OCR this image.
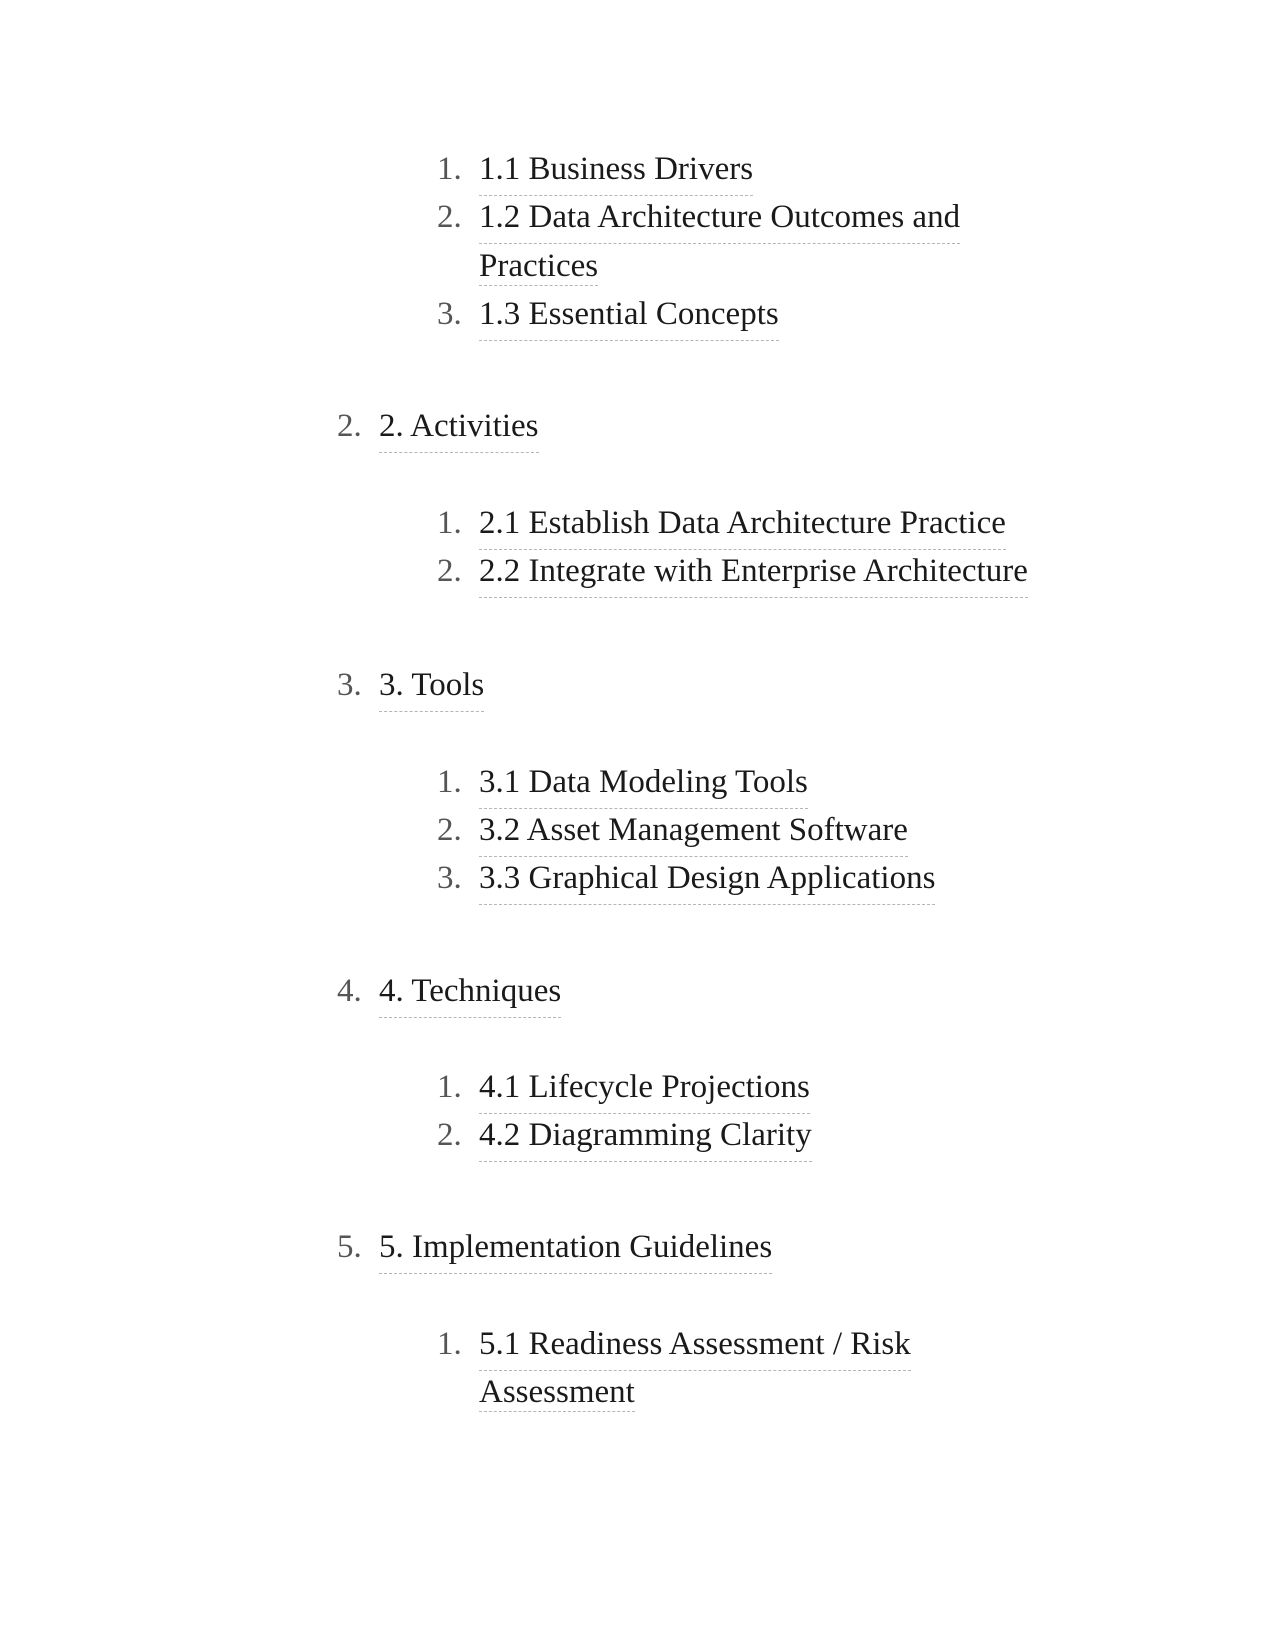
1. 1.1 Business Drivers
2. 1.2 Data Architecture Outcomes and
Practices
3. 1.3 Essential Concepts
2. 2. Activities
1. 2.1 Establish Data Architecture Practice
2. 2.2 Integrate with Enterprise Architecture
3. 3. Tools
1. 3.1 Data Modeling Tools
2. 3.2 Asset Management Software
3. 3.3 Graphical Design Applications
4. 4. Techniques
1. 4.1 Lifecycle Projections
2. 4.2 Diagramming Clarity
5. 5. Implementation Guidelines
1. 5.1 Readiness Assessment / Risk
Assessment
